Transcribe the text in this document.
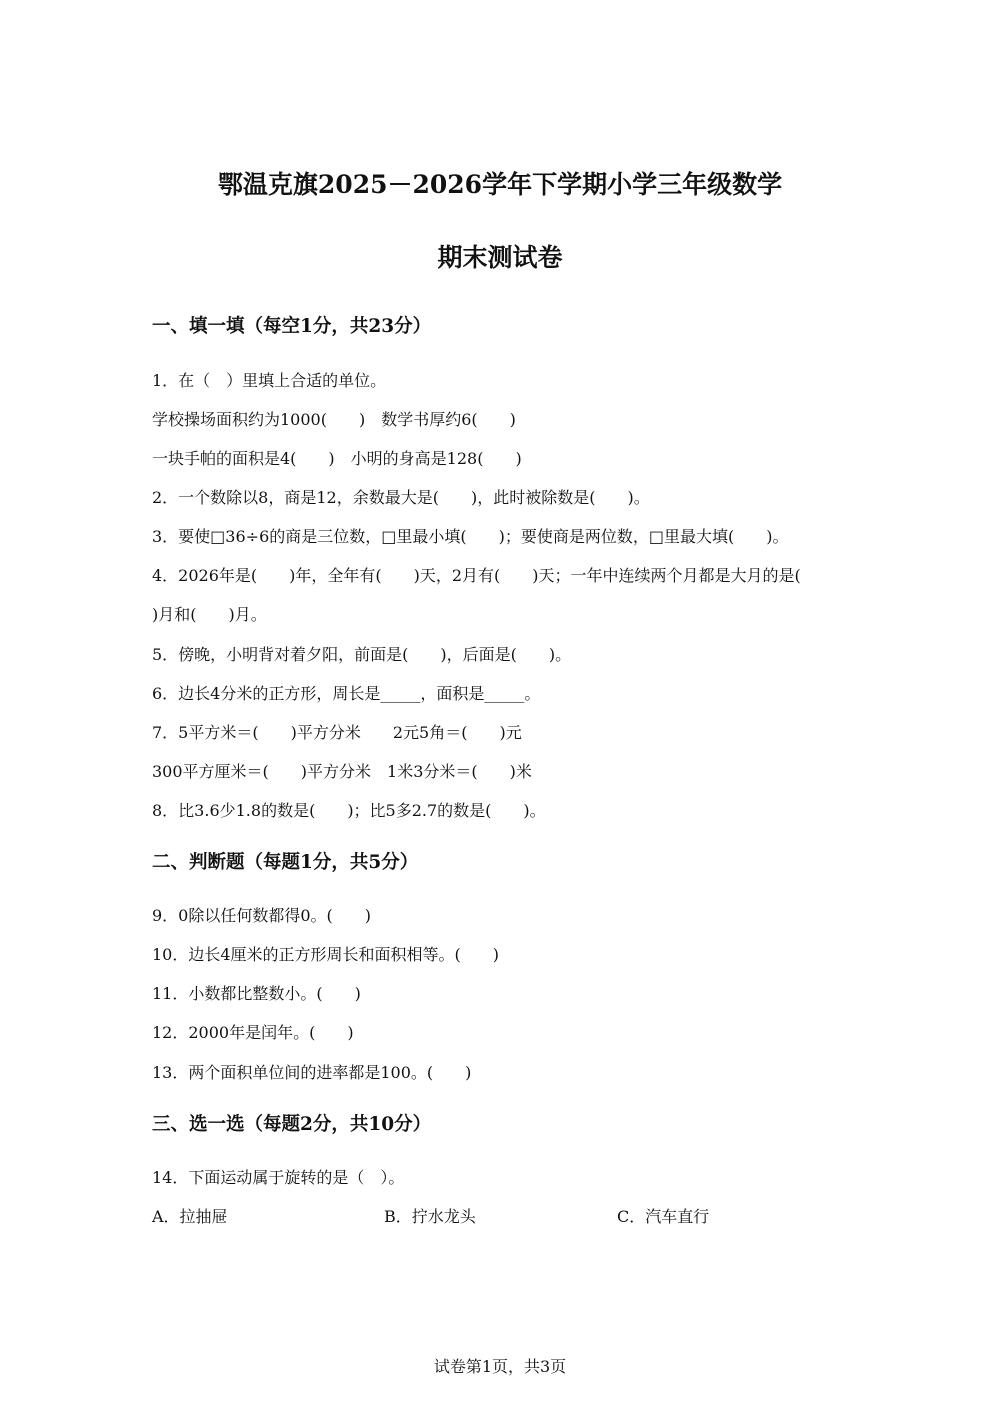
鄂温克旗2025－2026学年下学期小学三年级数学
期末测试卷
一、填一填（每空1分，共23分）

1．在（　）里填上合适的单位。

学校操场面积约为1000(　　)　数学书厚约6(　　)

一块手帕的面积是4(　　)　小明的身高是128(　　)

2．一个数除以8，商是12，余数最大是(　　)，此时被除数是(　　)。

3．要使□36÷6的商是三位数，□里最小填(　　)；要使商是两位数，□里最大填(　　)。

4．2026年是(　　)年，全年有(　　)天，2月有(　　)天；一年中连续两个月都是大月的是(

)月和(　　)月。

5．傍晚，小明背对着夕阳，前面是(　　)，后面是(　　)。

6．边长4分米的正方形，周长是_____，面积是_____。

7．5平方米＝(　　)平方分米　　2元5角＝(　　)元

300平方厘米＝(　　)平方分米　1米3分米＝(　　)米

8．比3.6少1.8的数是(　　)；比5多2.7的数是(　　)。

二、判断题（每题1分，共5分）

9．0除以任何数都得0。(　　)

10．边长4厘米的正方形周长和面积相等。(　　)

11．小数都比整数小。(　　)

12．2000年是闰年。(　　)

13．两个面积单位间的进率都是100。(　　)

三、选一选（每题2分，共10分）

14．下面运动属于旋转的是（　）。

A．拉抽屉	B．拧水龙头	C．汽车直行

试卷第1页，共3页
